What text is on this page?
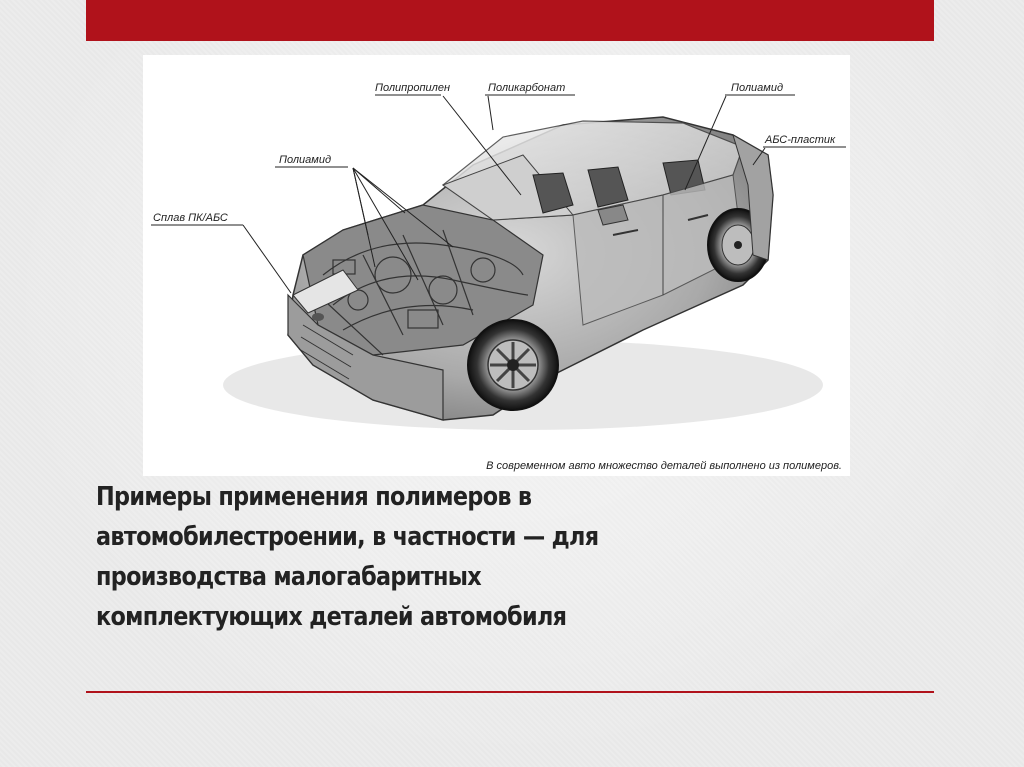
Полипропилен	Поликарбонат	Полиамид
АБС-пластик
Полиамид
Сплав ПК/АБС
В современном авто множество деталей выполнено из полимеров.
Примеры применения полимеров в
автомобилестроении, в частности — для
производства малогабаритных
комплектующих деталей автомобиля
